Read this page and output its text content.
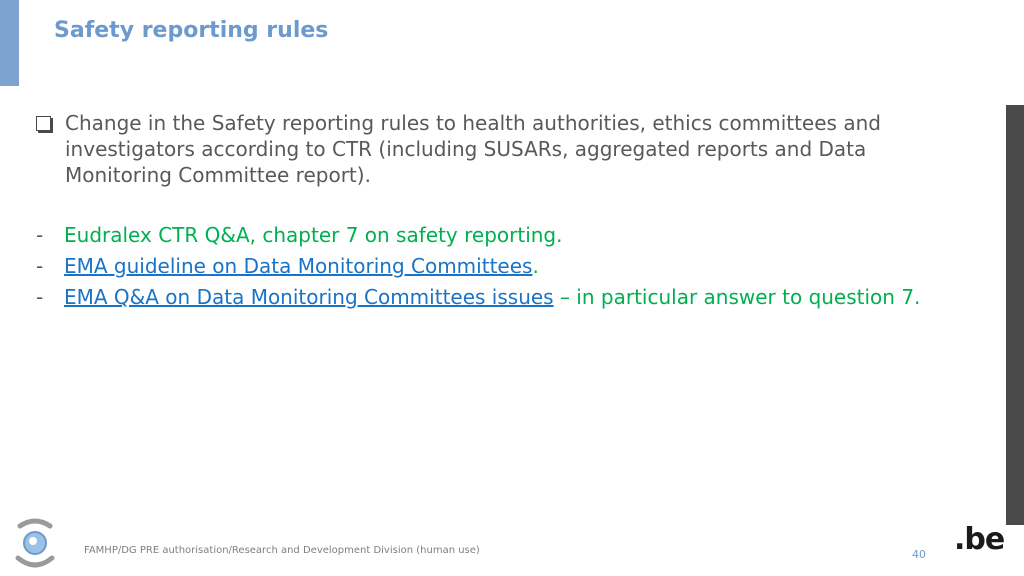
Safety reporting rules
Change in the Safety reporting rules to health authorities, ethics committees and investigators according to CTR (including SUSARs, aggregated reports and Data Monitoring Committee report).
-	Eudralex CTR Q&A, chapter 7 on safety reporting.
-	EMA guideline on Data Monitoring Committees.
-	EMA Q&A on Data Monitoring Committees issues – in particular answer to question 7.
FAMHP/DG PRE authorisation/Research and Development Division (human use)	40 .be
